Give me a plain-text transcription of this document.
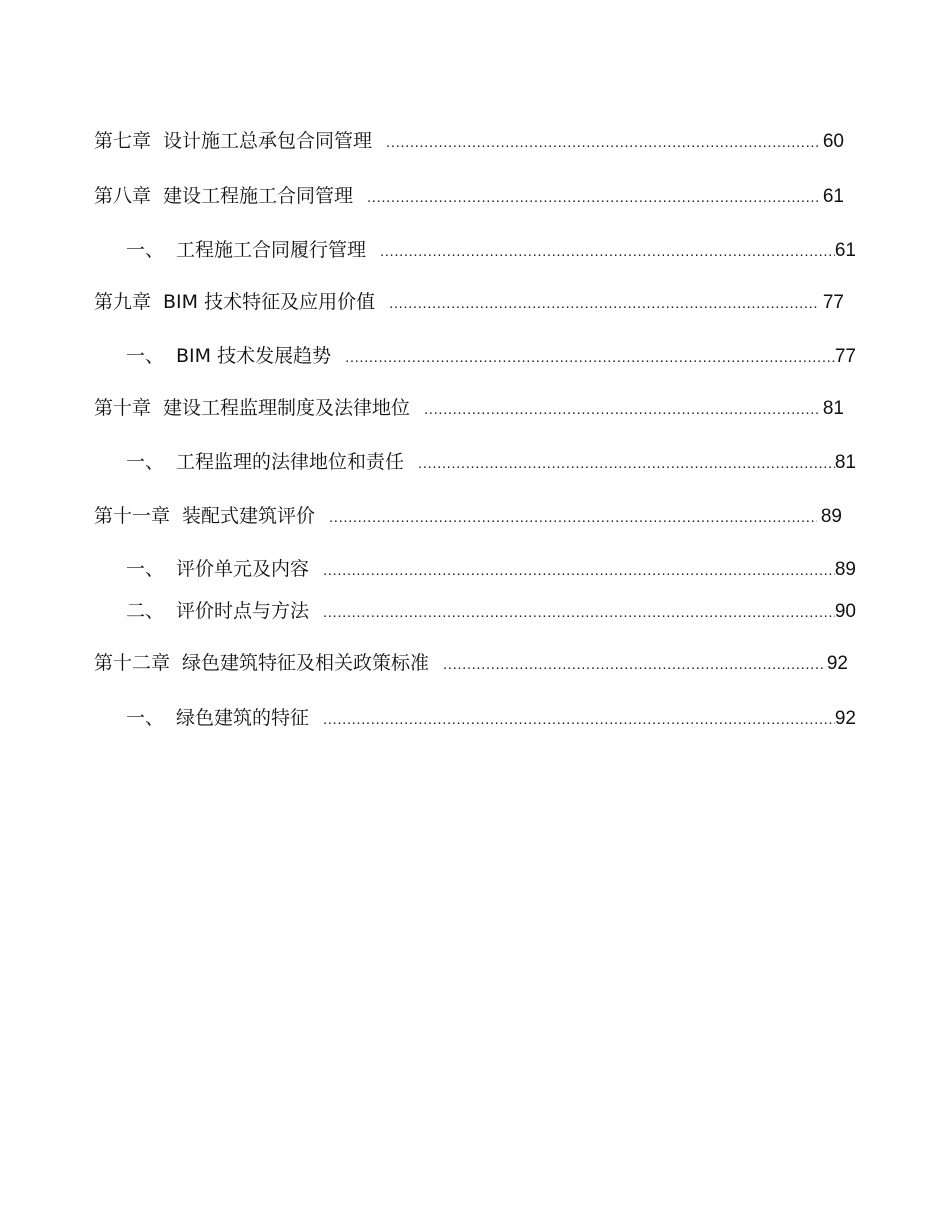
第七章 设计施工总承包合同管理 .....	60
第八章 建设工程施工合同管理 .....	61
一、 工程施工合同履行管理 .....	61
第九章 BIM 技术特征及应用价值 .....	77
一、 BIM 技术发展趋势 .....	77
第十章 建设工程监理制度及法律地位 .....	81
一、 工程监理的法律地位和责任 .....	81
第十一章 装配式建筑评价 .....	89
一、 评价单元及内容 .....	89
二、 评价时点与方法 .....	90
第十二章 绿色建筑特征及相关政策标准 .....	92
一、 绿色建筑的特征 .....	92
